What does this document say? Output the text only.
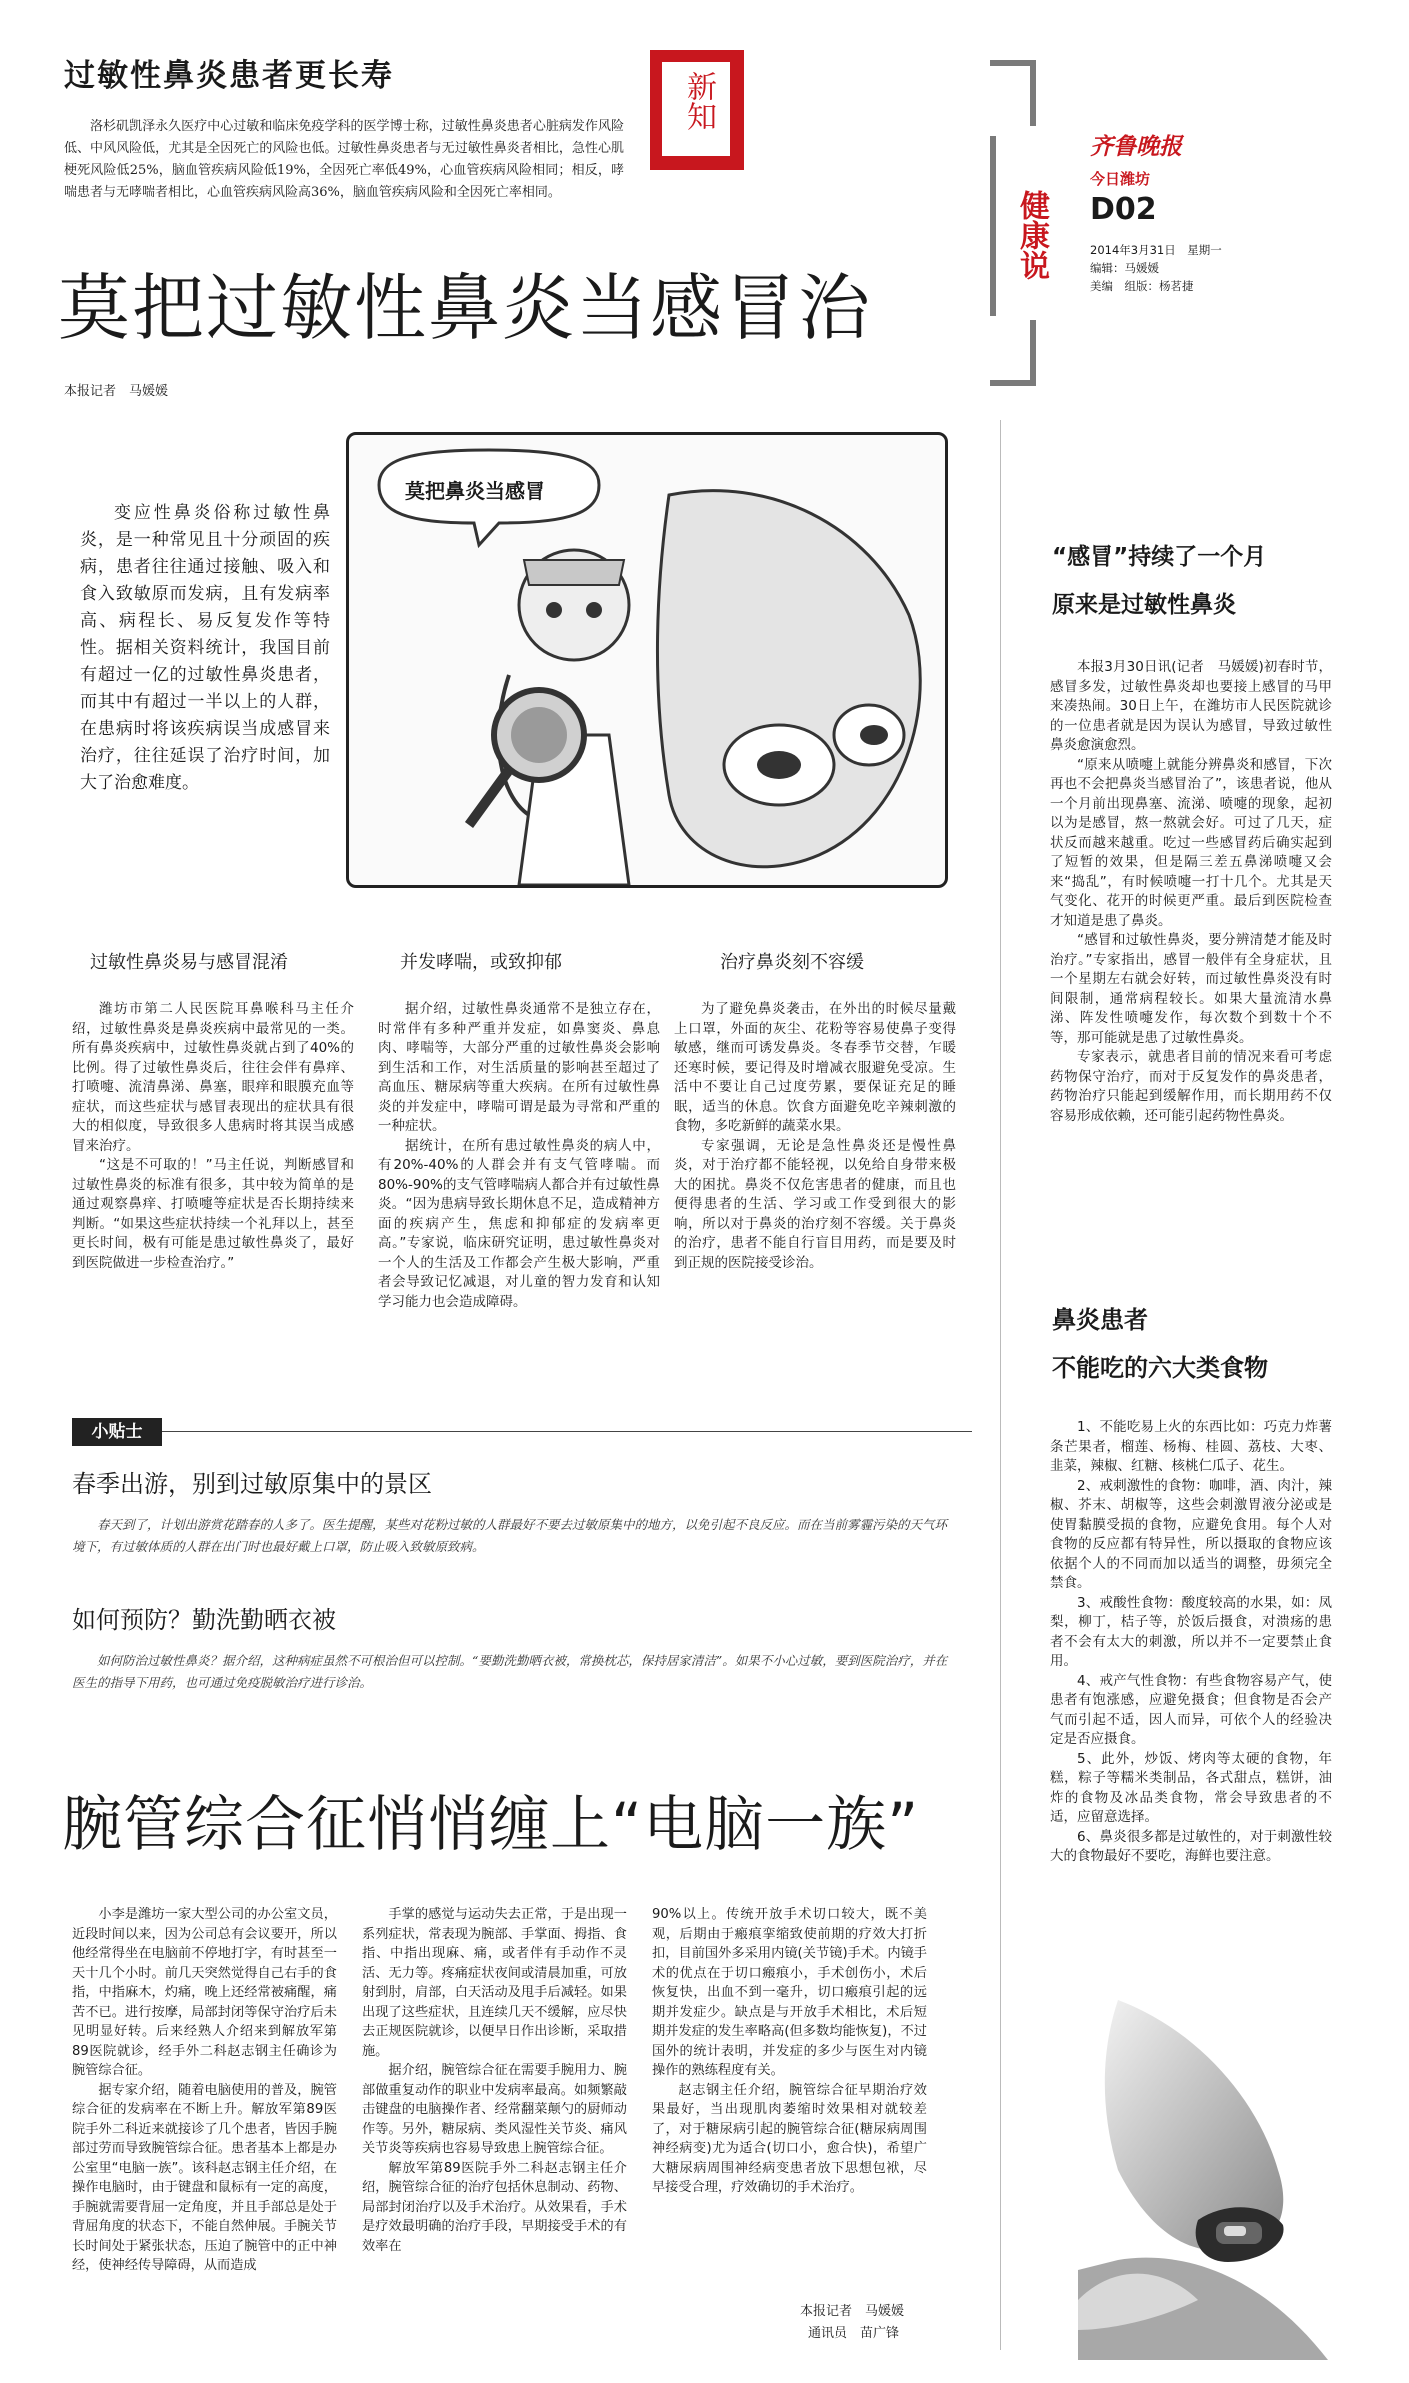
过敏性鼻炎患者更长寿
洛杉矶凯泽永久医疗中心过敏和临床免疫学科的医学博士称，过敏性鼻炎患者心脏病发作风险低、中风风险低，尤其是全因死亡的风险也低。过敏性鼻炎患者与无过敏性鼻炎者相比，急性心肌梗死风险低25%，脑血管疾病风险低19%，全因死亡率低49%，心血管疾病风险相同；相反，哮喘患者与无哮喘者相比，心血管疾病风险高36%，脑血管疾病风险和全因死亡率相同。
新知
健康说
齐鲁晚报
今日潍坊
D02
2014年3月31日　星期一
编辑：马媛媛
美编　组版：杨茗捷
莫把过敏性鼻炎当感冒治
本报记者　马媛媛

变应性鼻炎俗称过敏性鼻炎，是一种常见且十分顽固的疾病，患者往往通过接触、吸入和食入致敏原而发病，且有发病率高、病程长、易反复发作等特性。据相关资料统计，我国目前有超过一亿的过敏性鼻炎患者，而其中有超过一半以上的人群，在患病时将该疾病误当成感冒来治疗，往往延误了治疗时间，加大了治愈难度。

莫把鼻炎当感冒
过敏性鼻炎易与感冒混淆	并发哮喘，或致抑郁	治疗鼻炎刻不容缓

潍坊市第二人民医院耳鼻喉科马主任介绍，过敏性鼻炎是鼻炎疾病中最常见的一类。所有鼻炎疾病中，过敏性鼻炎就占到了40%的比例。得了过敏性鼻炎后，往往会伴有鼻痒、打喷嚏、流清鼻涕、鼻塞，眼痒和眼膜充血等症状，而这些症状与感冒表现出的症状具有很大的相似度，导致很多人患病时将其误当成感冒来治疗。

“这是不可取的！”马主任说，判断感冒和过敏性鼻炎的标准有很多，其中较为简单的是通过观察鼻痒、打喷嚏等症状是否长期持续来判断。“如果这些症状持续一个礼拜以上，甚至更长时间，极有可能是患过敏性鼻炎了，最好到医院做进一步检查治疗。”

据介绍，过敏性鼻炎通常不是独立存在，时常伴有多种严重并发症，如鼻窦炎、鼻息肉、哮喘等，大部分严重的过敏性鼻炎会影响到生活和工作，对生活质量的影响甚至超过了高血压、糖尿病等重大疾病。在所有过敏性鼻炎的并发症中，哮喘可谓是最为寻常和严重的一种症状。

据统计，在所有患过敏性鼻炎的病人中，有20%-40%的人群会并有支气管哮喘。而80%-90%的支气管哮喘病人都合并有过敏性鼻炎。“因为患病导致长期休息不足，造成精神方面的疾病产生，焦虑和抑郁症的发病率更高。”专家说，临床研究证明，患过敏性鼻炎对一个人的生活及工作都会产生极大影响，严重者会导致记忆减退，对儿童的智力发育和认知学习能力也会造成障碍。

为了避免鼻炎袭击，在外出的时候尽量戴上口罩，外面的灰尘、花粉等容易使鼻子变得敏感，继而可诱发鼻炎。冬春季节交替，乍暖还寒时候，要记得及时增减衣服避免受凉。生活中不要让自己过度劳累，要保证充足的睡眠，适当的休息。饮食方面避免吃辛辣刺激的食物，多吃新鲜的蔬菜水果。

专家强调，无论是急性鼻炎还是慢性鼻炎，对于治疗都不能轻视，以免给自身带来极大的困扰。鼻炎不仅危害患者的健康，而且也便得患者的生活、学习或工作受到很大的影响，所以对于鼻炎的治疗刻不容缓。关于鼻炎的治疗，患者不能自行盲目用药，而是要及时到正规的医院接受诊治。

小贴士
春季出游，别到过敏原集中的景区
春天到了，计划出游赏花踏春的人多了。医生提醒，某些对花粉过敏的人群最好不要去过敏原集中的地方，以免引起不良反应。而在当前雾霾污染的天气环境下，有过敏体质的人群在出门时也最好戴上口罩，防止吸入致敏原致病。
如何预防？勤洗勤晒衣被
如何防治过敏性鼻炎？据介绍，这种病症虽然不可根治但可以控制。“要勤洗勤晒衣被，常换枕芯，保持居家清洁”。如果不小心过敏，要到医院治疗，并在医生的指导下用药，也可通过免疫脱敏治疗进行诊治。
腕管综合征悄悄缠上“电脑一族”

小李是潍坊一家大型公司的办公室文员，近段时间以来，因为公司总有会议要开，所以他经常得坐在电脑前不停地打字，有时甚至一天十几个小时。前几天突然觉得自己右手的食指，中指麻木，灼痛，晚上还经常被痛醒，痛苦不已。进行按摩，局部封闭等保守治疗后未见明显好转。后来经熟人介绍来到解放军第89医院就诊，经手外二科赵志钢主任确诊为腕管综合征。

据专家介绍，随着电脑使用的普及，腕管综合征的发病率在不断上升。解放军第89医院手外二科近来就接诊了几个患者，皆因手腕部过劳而导致腕管综合征。患者基本上都是办公室里“电脑一族”。该科赵志钢主任介绍，在操作电脑时，由于键盘和鼠标有一定的高度，手腕就需要背屈一定角度，并且手部总是处于背屈角度的状态下，不能自然伸展。手腕关节长时间处于紧张状态，压迫了腕管中的正中神经，使神经传导障碍，从而造成

手掌的感觉与运动失去正常，于是出现一系列症状，常表现为腕部、手掌面、拇指、食指、中指出现麻、痛，或者伴有手动作不灵活、无力等。疼痛症状夜间或清晨加重，可放射到肘，肩部，白天活动及甩手后减轻。如果出现了这些症状，且连续几天不缓解，应尽快去正规医院就诊，以便早日作出诊断，采取措施。

据介绍，腕管综合征在需要手腕用力、腕部做重复动作的职业中发病率最高。如频繁敲击键盘的电脑操作者、经常翻菜颠勺的厨师动作等。另外，糖尿病、类风湿性关节炎、痛风关节炎等疾病也容易导致患上腕管综合征。

解放军第89医院手外二科赵志钢主任介绍，腕管综合征的治疗包括休息制动、药物、局部封闭治疗以及手术治疗。从效果看，手术是疗效最明确的治疗手段，早期接受手术的有效率在

90%以上。传统开放手术切口较大，既不美观，后期由于瘢痕挛缩致使前期的疗效大打折扣，目前国外多采用内镜(关节镜)手术。内镜手术的优点在于切口瘢痕小，手术创伤小，术后恢复快，出血不到一毫升，切口瘢痕引起的远期并发症少。缺点是与开放手术相比，术后短期并发症的发生率略高(但多数均能恢复)，不过国外的统计表明，并发症的多少与医生对内镜操作的熟练程度有关。

赵志钢主任介绍，腕管综合征早期治疗效果最好，当出现肌肉萎缩时效果相对就较差了，对于糖尿病引起的腕管综合征(糖尿病周围神经病变)尤为适合(切口小，愈合快)，希望广大糖尿病周围神经病变患者放下思想包袱，尽早接受合理，疗效确切的手术治疗。

本报记者　马媛媛
通讯员　苗广锋
“感冒”持续了一个月
原来是过敏性鼻炎

本报3月30日讯(记者　马媛媛)初春时节，感冒多发，过敏性鼻炎却也要接上感冒的马甲来凑热闹。30日上午，在潍坊市人民医院就诊的一位患者就是因为误认为感冒，导致过敏性鼻炎愈演愈烈。

“原来从喷嚏上就能分辨鼻炎和感冒，下次再也不会把鼻炎当感冒治了”，该患者说，他从一个月前出现鼻塞、流涕、喷嚏的现象，起初以为是感冒，熬一熬就会好。可过了几天，症状反而越来越重。吃过一些感冒药后确实起到了短暂的效果，但是隔三差五鼻涕喷嚏又会来“捣乱”，有时候喷嚏一打十几个。尤其是天气变化、花开的时候更严重。最后到医院检查才知道是患了鼻炎。

“感冒和过敏性鼻炎，要分辨清楚才能及时治疗。”专家指出，感冒一般伴有全身症状，且一个星期左右就会好转，而过敏性鼻炎没有时间限制，通常病程较长。如果大量流清水鼻涕、阵发性喷嚏发作，每次数个到数十个不等，那可能就是患了过敏性鼻炎。

专家表示，就患者目前的情况来看可考虑药物保守治疗，而对于反复发作的鼻炎患者，药物治疗只能起到缓解作用，而长期用药不仅容易形成依赖，还可能引起药物性鼻炎。

鼻炎患者
不能吃的六大类食物

1、不能吃易上火的东西比如：巧克力炸薯条芒果者，榴莲、杨梅、桂圆、荔枝、大枣、韭菜，辣椒、红糖、核桃仁瓜子、花生。

2、戒刺激性的食物：咖啡，酒、肉汁，辣椒、芥末、胡椒等，这些会刺激胃液分泌或是使胃黏膜受损的食物，应避免食用。每个人对食物的反应都有特异性，所以摄取的食物应该依据个人的不同而加以适当的调整，毋须完全禁食。

3、戒酸性食物：酸度较高的水果，如：凤梨，柳丁，桔子等，於饭后摄食，对溃疡的患者不会有太大的刺激，所以并不一定要禁止食用。

4、戒产气性食物：有些食物容易产气，使患者有饱涨感，应避免摄食；但食物是否会产气而引起不适，因人而异，可依个人的经验决定是否应摄食。

5、此外，炒饭、烤肉等太硬的食物，年糕，粽子等糯米类制品，各式甜点，糕饼，油炸的食物及冰品类食物，常会导致患者的不适，应留意选择。

6、鼻炎很多都是过敏性的，对于刺激性较大的食物最好不要吃，海鲜也要注意。
